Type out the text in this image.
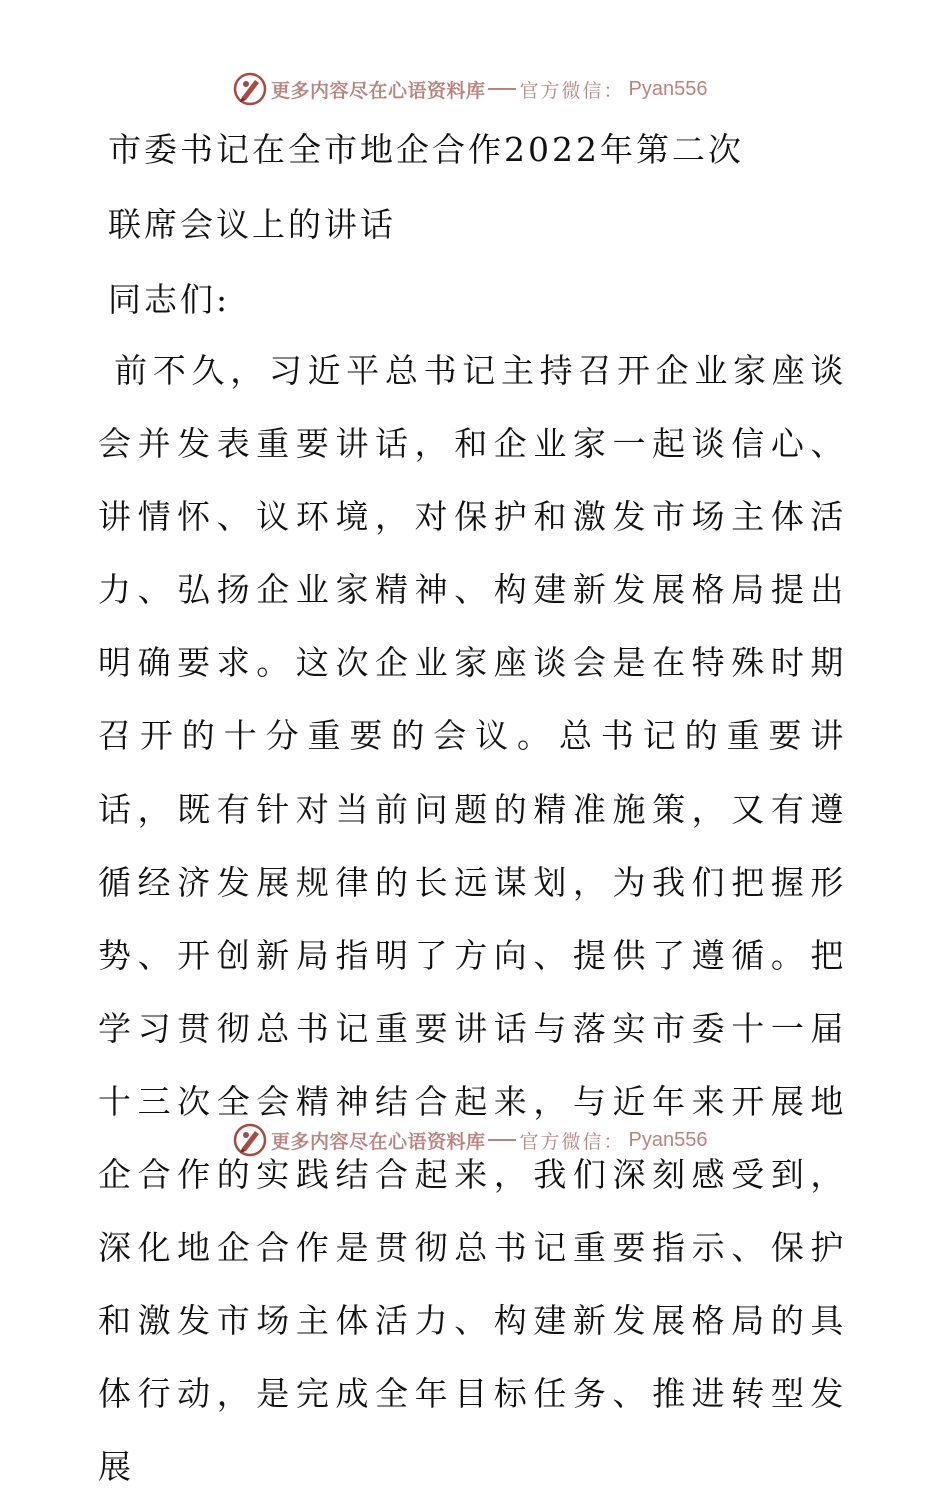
更多内容尽在心语资料库 官方微信： Pyan556
市委书记在全市地企合作2022年第二次
联席会议上的讲话
同志们:

前不久，习近平总书记主持召开企业家座谈会并发表重要讲话，和企业家一起谈信心、讲情怀、议环境，对保护和激发市场主体活力、弘扬企业家精神、构建新发展格局提出明确要求。这次企业家座谈会是在特殊时期召开的十分重要的会议。总书记的重要讲话，既有针对当前问题的精准施策，又有遵循经济发展规律的长远谋划，为我们把握形势、开创新局指明了方向、提供了遵循。把学习贯彻总书记重要讲话与落实市委十一届十三次全会精神结合起来，与近年来开展地企合作的实践结合起来，我们深刻感受到，深化地企合作是贯彻总书记重要指示、保护和激发市场主体活力、构建新发展格局的具体行动，是完成全年目标任务、推进转型发展

更多内容尽在心语资料库 官方微信： Pyan556
